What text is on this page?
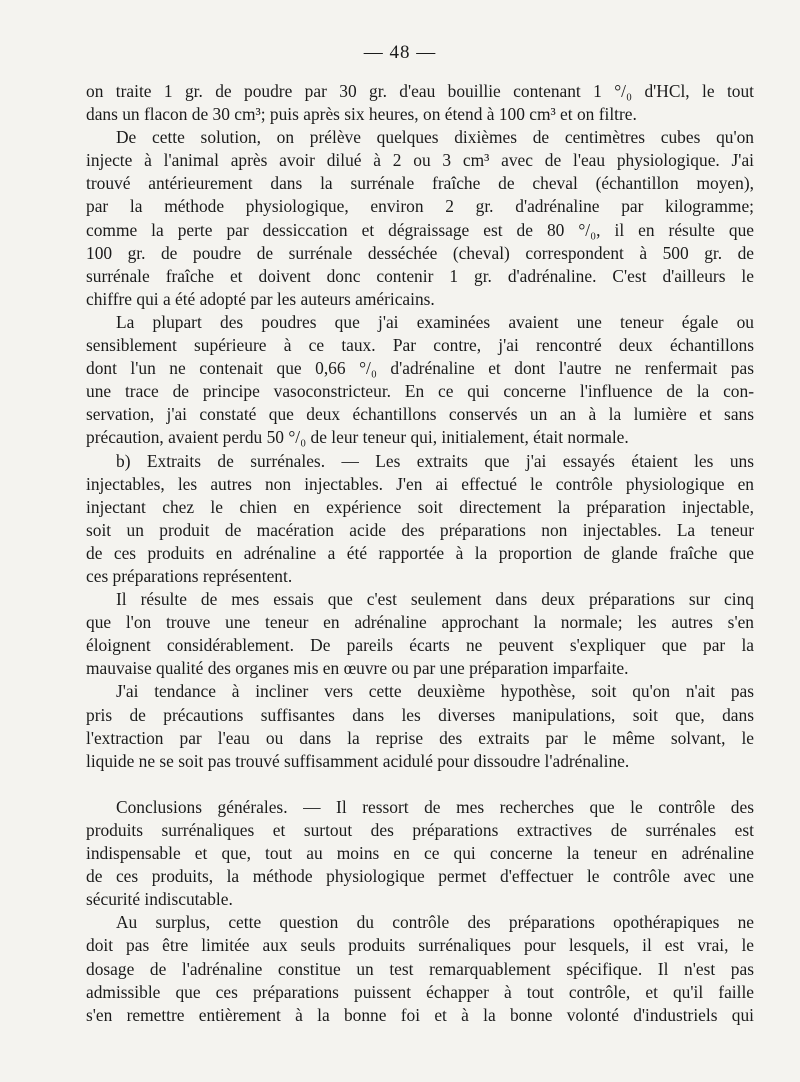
— 48 —
on traite 1 gr. de poudre par 30 gr. d'eau bouillie contenant 1 °/₀ d'HCl, le tout
dans un flacon de 30 cm³; puis après six heures, on étend à 100 cm³ et on filtre.
De cette solution, on prélève quelques dixièmes de centimètres cubes qu'on
injecte à l'animal après avoir dilué à 2 ou 3 cm³ avec de l'eau physiologique. J'ai
trouvé antérieurement dans la surrénale fraîche de cheval (échantillon moyen),
par la méthode physiologique, environ 2 gr. d'adrénaline par kilogramme;
comme la perte par dessiccation et dégraissage est de 80 °/₀, il en résulte que
100 gr. de poudre de surrénale desséchée (cheval) correspondent à 500 gr. de
surrénale fraîche et doivent donc contenir 1 gr. d'adrénaline. C'est d'ailleurs le
chiffre qui a été adopté par les auteurs américains.
La plupart des poudres que j'ai examinées avaient une teneur égale ou
sensiblement supérieure à ce taux. Par contre, j'ai rencontré deux échantillons
dont l'un ne contenait que 0,66 °/₀ d'adrénaline et dont l'autre ne renfermait pas
une trace de principe vasoconstricteur. En ce qui concerne l'influence de la con-
servation, j'ai constaté que deux échantillons conservés un an à la lumière et sans
précaution, avaient perdu 50 °/₀ de leur teneur qui, initialement, était normale.
b) Extraits de surrénales. — Les extraits que j'ai essayés étaient les uns
injectables, les autres non injectables. J'en ai effectué le contrôle physiologique en
injectant chez le chien en expérience soit directement la préparation injectable,
soit un produit de macération acide des préparations non injectables. La teneur
de ces produits en adrénaline a été rapportée à la proportion de glande fraîche que
ces préparations représentent.
Il résulte de mes essais que c'est seulement dans deux préparations sur cinq
que l'on trouve une teneur en adrénaline approchant la normale; les autres s'en
éloignent considérablement. De pareils écarts ne peuvent s'expliquer que par la
mauvaise qualité des organes mis en œuvre ou par une préparation imparfaite.
J'ai tendance à incliner vers cette deuxième hypothèse, soit qu'on n'ait pas
pris de précautions suffisantes dans les diverses manipulations, soit que, dans
l'extraction par l'eau ou dans la reprise des extraits par le même solvant, le
liquide ne se soit pas trouvé suffisamment acidulé pour dissoudre l'adrénaline.
Conclusions générales. — Il ressort de mes recherches que le contrôle des
produits surrénaliques et surtout des préparations extractives de surrénales est
indispensable et que, tout au moins en ce qui concerne la teneur en adrénaline
de ces produits, la méthode physiologique permet d'effectuer le contrôle avec une
sécurité indiscutable.
Au surplus, cette question du contrôle des préparations opothérapiques ne
doit pas être limitée aux seuls produits surrénaliques pour lesquels, il est vrai, le
dosage de l'adrénaline constitue un test remarquablement spécifique. Il n'est pas
admissible que ces préparations puissent échapper à tout contrôle, et qu'il faille
s'en remettre entièrement à la bonne foi et à la bonne volonté d'industriels qui
